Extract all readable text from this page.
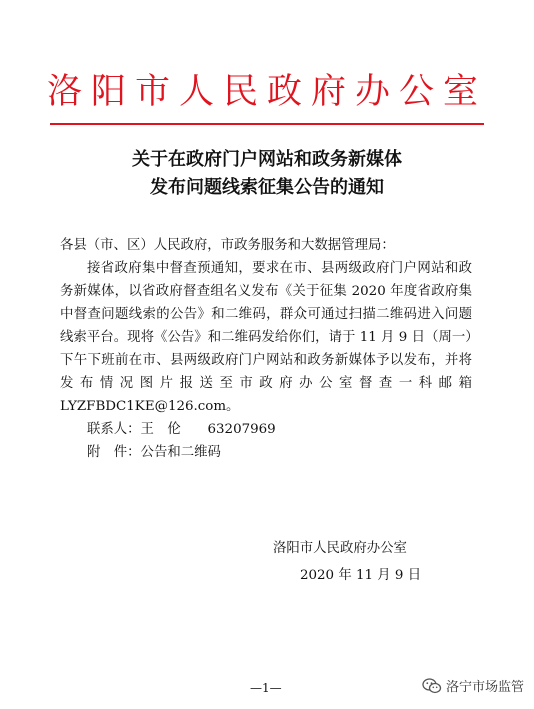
洛阳市人民政府办公室
关于在政府门户网站和政务新媒体
发布问题线索征集公告的通知

各县（市、区）人民政府，市政务服务和大数据管理局：

接省政府集中督查预通知，要求在市、县两级政府门户网站和政务新媒体，以省政府督查组名义发布《关于征集 2020 年度省政府集中督查问题线索的公告》和二维码，群众可通过扫描二维码进入问题线索平台。现将《公告》和二维码发给你们，请于 11 月 9 日（周一）下午下班前在市、县两级政府门户网站和政务新媒体予以发布，并将发布情况图片报送至市政府办公室督查一科邮箱 LYZFBDC1KE@126.com。

联系人：王　伦　　63207969

附　件：公告和二维码

洛阳市人民政府办公室
2020 年 11 月 9 日
—1—	洛宁市场监管
